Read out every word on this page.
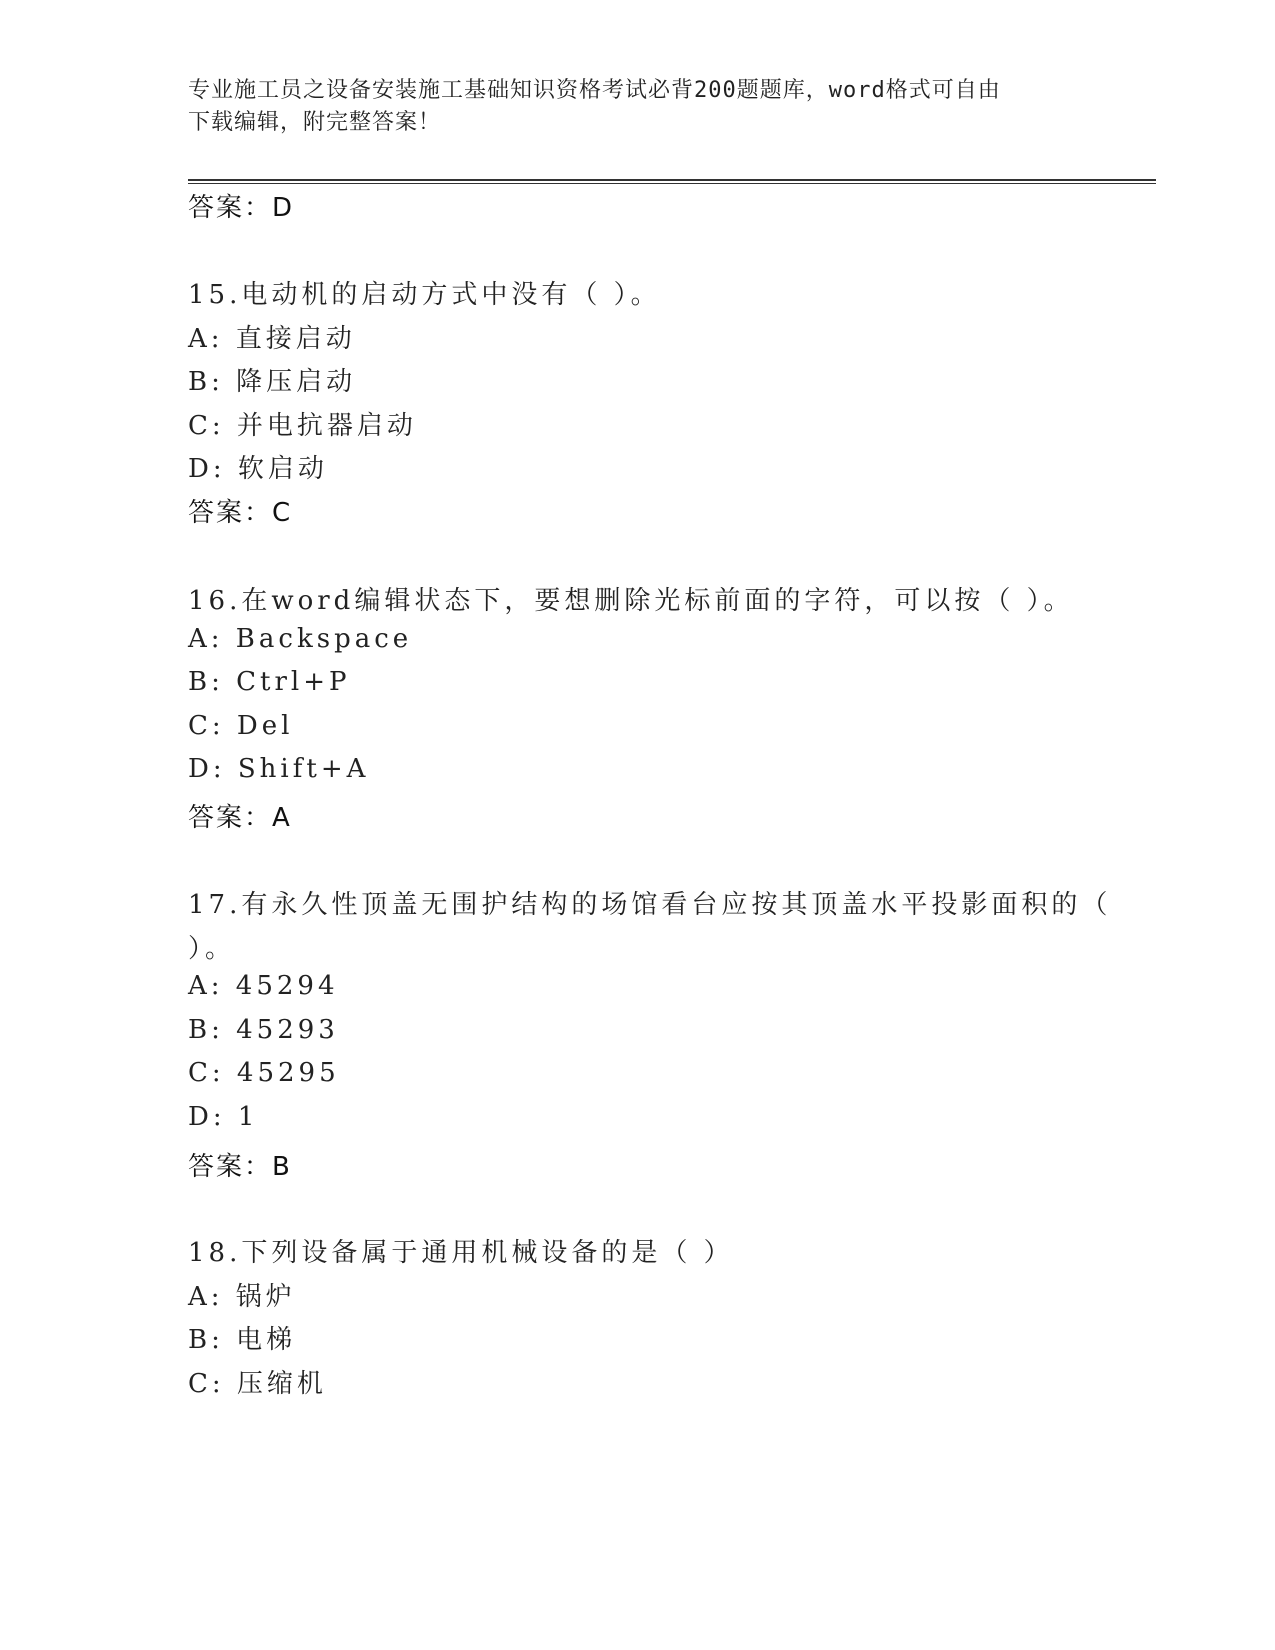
专业施工员之设备安装施工基础知识资格考试必背200题题库，word格式可自由
下载编辑，附完整答案！
答案：D
15.电动机的启动方式中没有（ ）。
A: 直接启动
B: 降压启动
C: 并电抗器启动
D: 软启动
答案：C
16.在word编辑状态下，要想删除光标前面的字符，可以按（ ）。
A: Backspace
B: Ctrl+P
C: Del
D: Shift+A
答案：A
17.有永久性顶盖无围护结构的场馆看台应按其顶盖水平投影面积的（
）。
A: 45294
B: 45293
C: 45295
D: 1
答案：B
18.下列设备属于通用机械设备的是（ ）
A: 锅炉
B: 电梯
C: 压缩机
